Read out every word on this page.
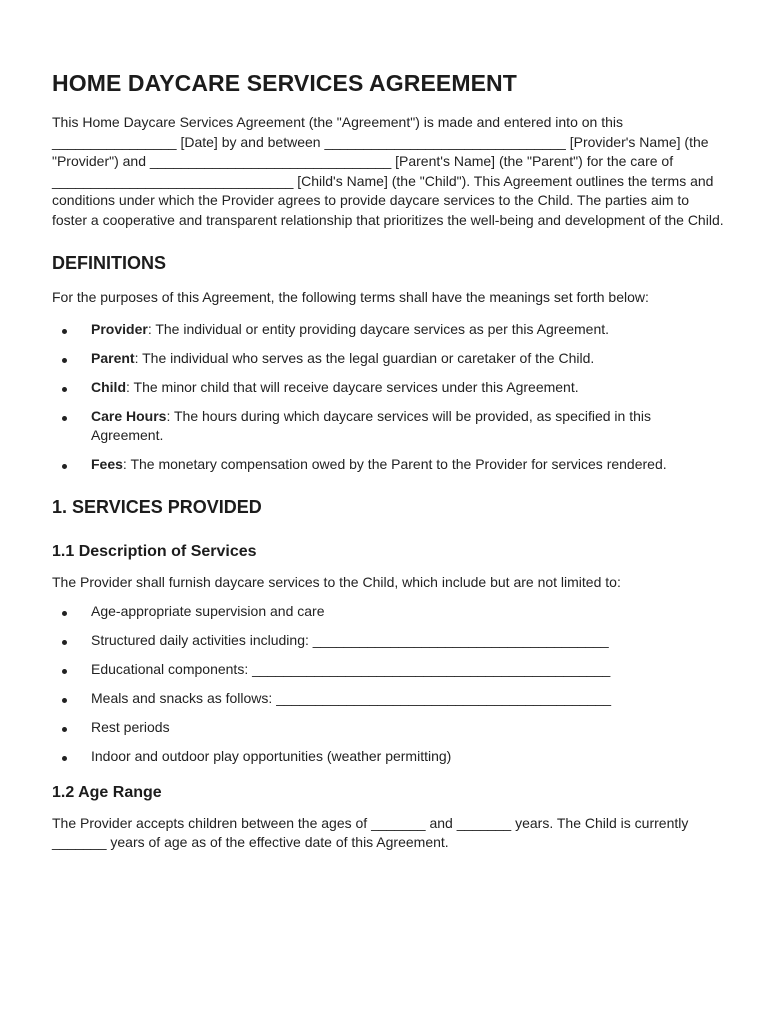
HOME DAYCARE SERVICES AGREEMENT

This Home Daycare Services Agreement (the "Agreement") is made and entered into on this ________________ [Date] by and between _______________________________ [Provider's Name] (the "Provider") and _______________________________ [Parent's Name] (the "Parent") for the care of _______________________________ [Child's Name] (the "Child"). This Agreement outlines the terms and conditions under which the Provider agrees to provide daycare services to the Child. The parties aim to foster a cooperative and transparent relationship that prioritizes the well-being and development of the Child.

DEFINITIONS

For the purposes of this Agreement, the following terms shall have the meanings set forth below:

Provider: The individual or entity providing daycare services as per this Agreement.
Parent: The individual who serves as the legal guardian or caretaker of the Child.
Child: The minor child that will receive daycare services under this Agreement.
Care Hours: The hours during which daycare services will be provided, as specified in this Agreement.
Fees: The monetary compensation owed by the Parent to the Provider for services rendered.
1. SERVICES PROVIDED
1.1 Description of Services

The Provider shall furnish daycare services to the Child, which include but are not limited to:

Age-appropriate supervision and care
Structured daily activities including: ______________________________________
Educational components: ______________________________________________
Meals and snacks as follows: ___________________________________________
Rest periods
Indoor and outdoor play opportunities (weather permitting)
1.2 Age Range

The Provider accepts children between the ages of _______ and _______ years. The Child is currently _______ years of age as of the effective date of this Agreement.
